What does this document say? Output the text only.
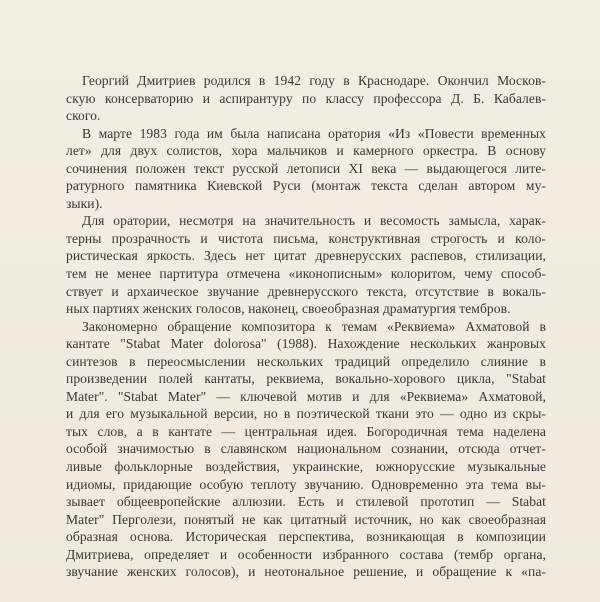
Георгий Дмитриев родился в 1942 году в Краснодаре. Окончил Москов-
скую консерваторию и аспирантуру по классу профессора Д. Б. Кабалев-
ского.
В марте 1983 года им была написана оратория «Из «Повести временных
лет» для двух солистов, хора мальчиков и камерного оркестра. В основу
сочинения положен текст русской летописи XI века — выдающегося лите-
ратурного памятника Киевской Руси (монтаж текста сделан автором му-
зыки).
Для оратории, несмотря на значительность и весомость замысла, харак-
терны прозрачность и чистота письма, конструктивная строгость и коло-
ристическая яркость. Здесь нет цитат древнерусских распевов, стилизации,
тем не менее партитура отмечена «иконописным» колоритом, чему способ-
ствует и архаическое звучание древнерусского текста, отсутствие в вокаль-
ных партиях женских голосов, наконец, своеобразная драматургия тембров.
Закономерно обращение композитора к темам «Реквиема» Ахматовой в
кантате "Stabat Mater dolorosa" (1988). Нахождение нескольких жанровых
синтезов в переосмыслении нескольких традиций определило слияние в
произведении полей кантаты, реквиема, вокально-хорового цикла, "Stabat
Mater". "Stabat Mater" — ключевой мотив и для «Реквиема» Ахматовой,
и для его музыкальной версии, но в поэтической ткани это — одно из скры-
тых слов, а в кантате — центральная идея. Богородичная тема наделена
особой значимостью в славянском национальном сознании, отсюда отчет-
ливые фольклорные воздействия, украинские, южнорусские музыкальные
идиомы, придающие особую теплоту звучанию. Одновременно эта тема вы-
зывает общеевропейские аллюзии. Есть и стилевой прототип — Stabat
Mater" Перголези, понятый не как цитатный источник, но как своеобразная
образная основа. Историческая перспектива, возникающая в композиции
Дмитриева, определяет и особенности избранного состава (тембр органа,
звучание женских голосов), и неотональное решение, и обращение к «па-
